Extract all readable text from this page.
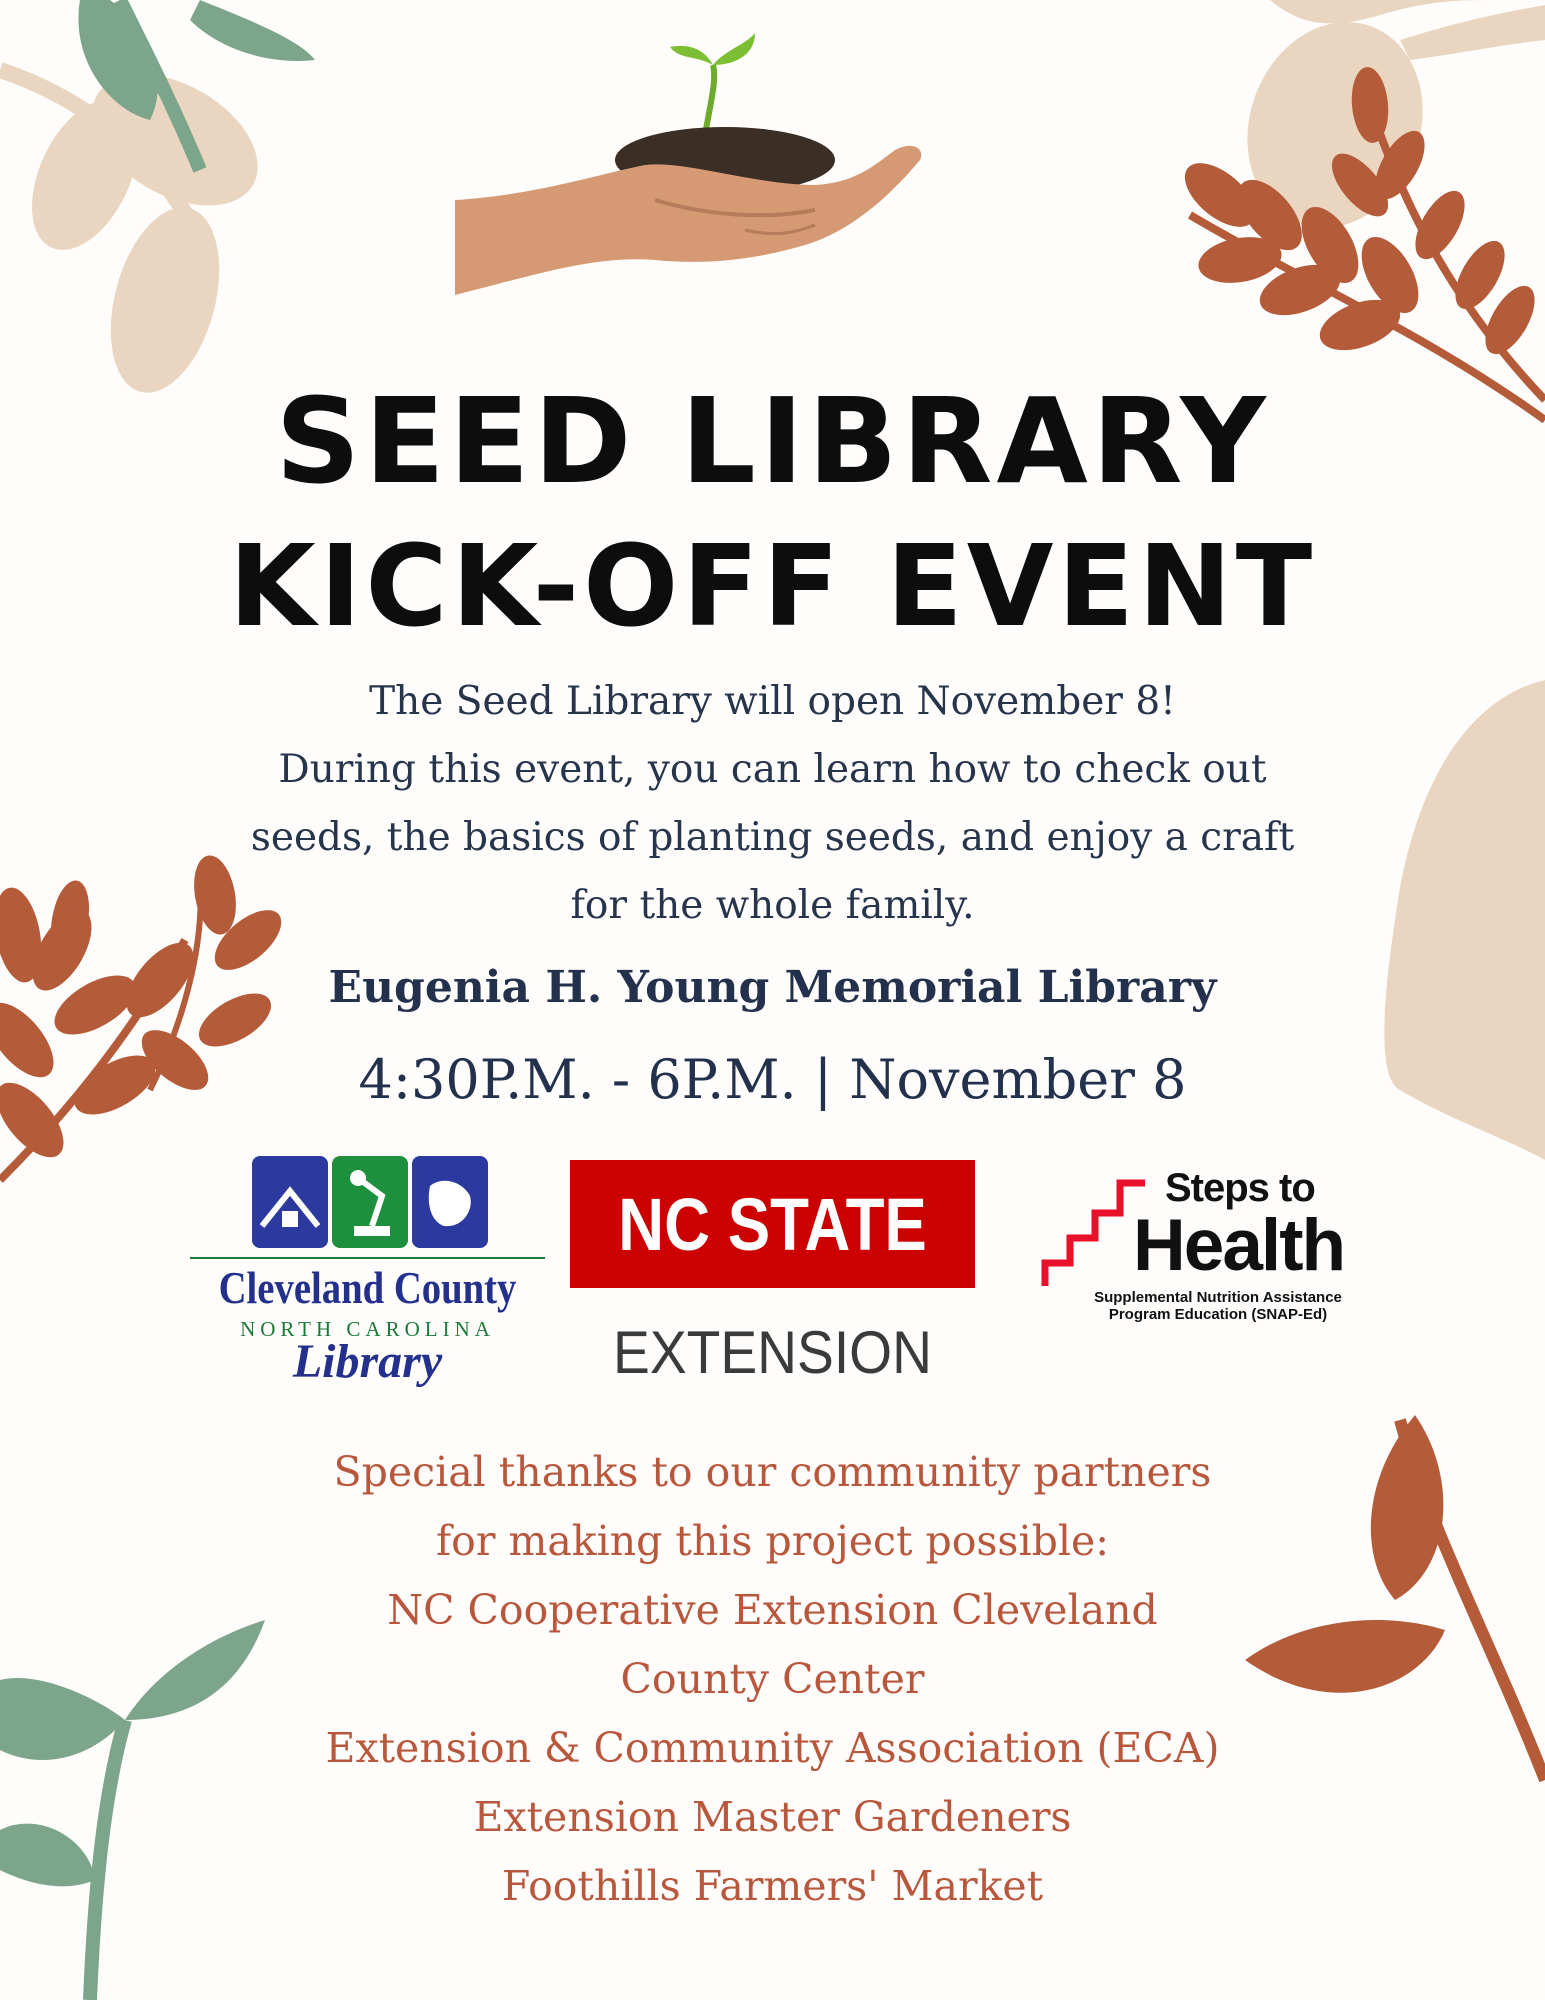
SEED LIBRARY
KICK-OFF EVENT
The Seed Library will open November 8!
During this event, you can learn how to check out
seeds, the basics of planting seeds, and enjoy a craft
for the whole family.
Eugenia H. Young Memorial Library
4:30P.M. - 6P.M. | November 8
Cleveland County
NORTH CAROLINA
Library
NC STATE
EXTENSION
Steps to
Health
Supplemental Nutrition Assistance
Program Education (SNAP-Ed)
Special thanks to our community partners
for making this project possible:
NC Cooperative Extension Cleveland
County Center
Extension & Community Association (ECA)
Extension Master Gardeners
Foothills Farmers' Market
